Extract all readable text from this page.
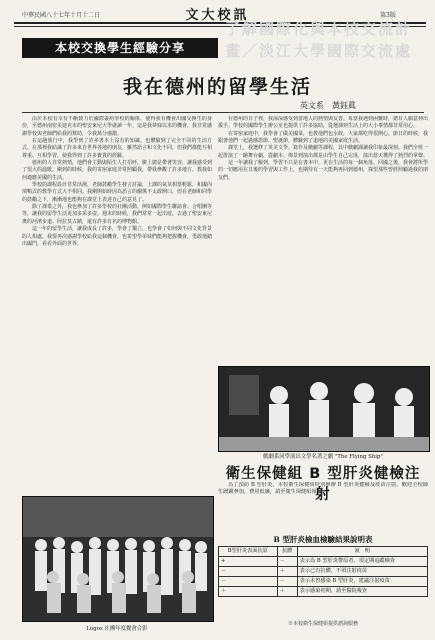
中華民國八十七年十月十二日	文大校訊	第3版
本校交換學生經驗分享
了解國際化與本校交流計畫／淡江大學國際交流處
我在德州的留學生活
英文系　黃鈺眞

由於本校有幸有不斷致力於國際簽約學校的關係，使得我有機會出國交換生的身份，至德州南密美迪克市的聖安東尼大學就讀一年。這是我夢寐以求的機會，我非常感謝學校與老師們給我的幫助，令我萬分感激。

在這趟旅行中，我學到了許多書本上沒有的知識，也體驗到了完全不同的生活方式，在那裡我結識了許多來自世界各地的朋友，雖然語言和文化不同，但我們都能互相尊重、互相學習，使我得到了許多寶貴的經驗。

德州的人非常熱情，他們會主動與陌生人打招呼，臉上總是帶著笑容，讓我感受到了很大的溫暖。剛到的時候，我的寄宿家庭非常照顧我，帶我參觀了許多地方，教我如何適應美國的生活。

學校的課程設計非常活潑，老師鼓勵學生發言討論，上課的氣氛相當輕鬆，和國內填鴨式的教學方式大不相同。我剛開始時因為語言的關係不太敢開口，但在老師和同學的鼓勵之下，漸漸地也能夠在課堂上表達自己的意見了。

除了課業之外，我也參加了許多學校的社團活動，例如國際學生聯誼會、合唱團等等，讓我的留學生活更加多采多姿。週末的時候，我們常常一起出遊，去過了聖安東尼奧的河濱步道、阿拉莫古蹟，還有許多有名的博物館。

這一年的留學生活，讓我成長了許多，學會了獨立，也學會了如何與不同文化背景的人相處。我要再次感謝學校給我這個機會，也希望學弟妹們能夠把握機會，勇敢地踏出國門，看看外面的世界。

Logos 社團年度餐會合影

在德州的日子裡，我深深感受到當地人的熱情與友善。每當我遇到困難時，總有人願意伸出援手。學校的國際學生辦公室也提供了許多協助，從選課到生活上的大小事情都非常用心。

在寄宿家庭中，我學會了做美國菜，也教他們包水餃，大家都吃得很開心。節日的時候，我跟著他們一起過感恩節、聖誕節，體驗到了道地的美國家庭生活。

課堂上，我選修了英美文學、寫作及戲劇等課程，其中戲劇課讓我印象最深刻。我們全班一起排演了一齣舞台劇，從劇本、佈景到演出都是由學生自己完成，演出當天獲得了熱烈的掌聲。

這一年讓我了解到，學習不只是在書本中，更在生活的每一個角落。回國之後，我會將所學的一切應用在日後的學習與工作上，也期待有一天能夠再回到德州，探望那些曾經照顧過我的朋友們。

戲劇系同學演出文學名著之劇 "The Flying Ship"
衛生保健組 B 型肝炎健檢注射

為了預防 B 型肝炎，本校衛生保健組特別舉辦 B 型肝炎健檢及疫苗注射，歡迎全校師生踴躍參加，費用低廉，請至衛生保健組報名。

B 型肝炎檢血檢驗結果說明表
B型肝炎表面抗原	抗體	說　明
+	－	表示為 B 型肝炎帶原者，須定期追蹤檢查
－	＋	表示已有抗體，不須注射疫苗
－	－	表示未曾感染 B 型肝炎，建議注射疫苗
＋	＋	表示感染初期，請至醫院複查
※本校衛生保健組提供諮詢服務
